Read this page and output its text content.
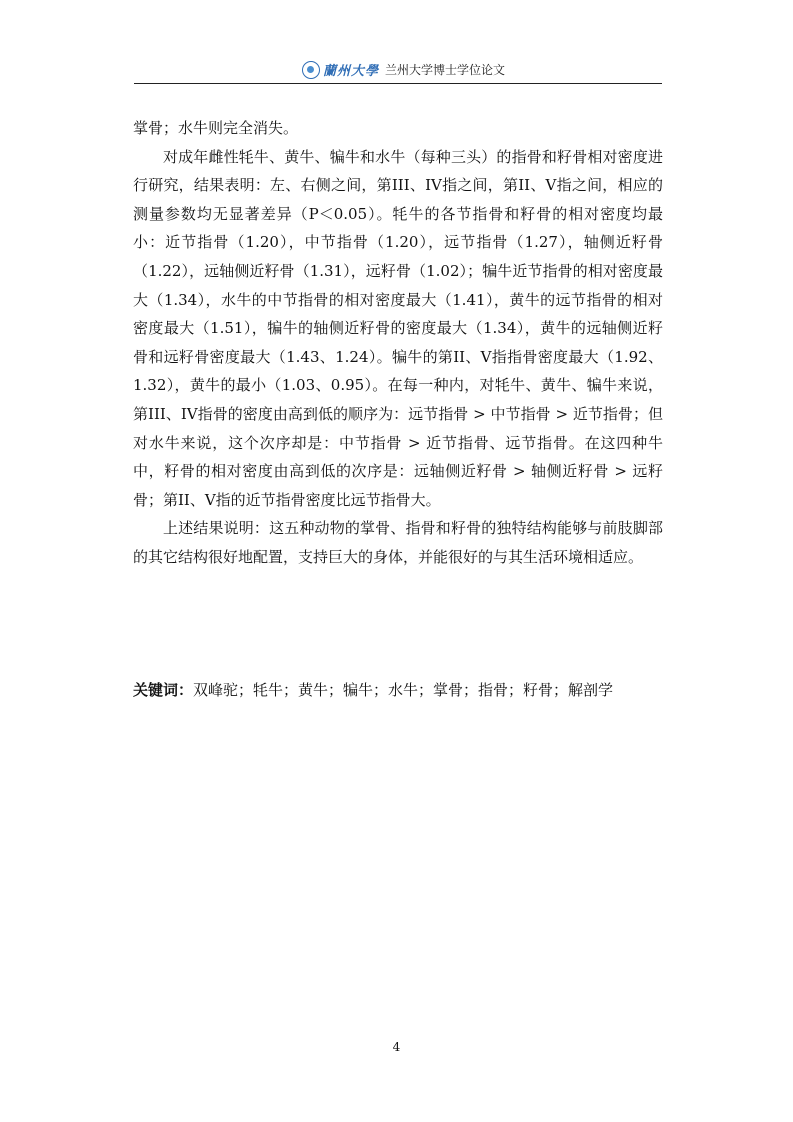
蘭州大學 兰州大学博士学位论文

掌骨；水牛则完全消失。

对成年雌性牦牛、黄牛、犏牛和水牛（每种三头）的指骨和籽骨相对密度进行研究，结果表明：左、右侧之间，第III、IV指之间，第II、V指之间，相应的测量参数均无显著差异（P＜0.05）。牦牛的各节指骨和籽骨的相对密度均最小：近节指骨（1.20），中节指骨（1.20），远节指骨（1.27），轴侧近籽骨（1.22），远轴侧近籽骨（1.31），远籽骨（1.02）；犏牛近节指骨的相对密度最大（1.34），水牛的中节指骨的相对密度最大（1.41），黄牛的远节指骨的相对密度最大（1.51），犏牛的轴侧近籽骨的密度最大（1.34），黄牛的远轴侧近籽骨和远籽骨密度最大（1.43、1.24）。犏牛的第II、V指指骨密度最大（1.92、1.32），黄牛的最小（1.03、0.95）。在每一种内，对牦牛、黄牛、犏牛来说，第III、IV指骨的密度由高到低的顺序为：远节指骨 > 中节指骨 > 近节指骨；但对水牛来说，这个次序却是：中节指骨 > 近节指骨、远节指骨。在这四种牛中，籽骨的相对密度由高到低的次序是：远轴侧近籽骨 > 轴侧近籽骨 > 远籽骨；第II、V指的近节指骨密度比远节指骨大。

上述结果说明：这五种动物的掌骨、指骨和籽骨的独特结构能够与前肢脚部的其它结构很好地配置，支持巨大的身体，并能很好的与其生活环境相适应。

关键词：双峰驼；牦牛；黄牛；犏牛；水牛；掌骨；指骨；籽骨；解剖学
4
